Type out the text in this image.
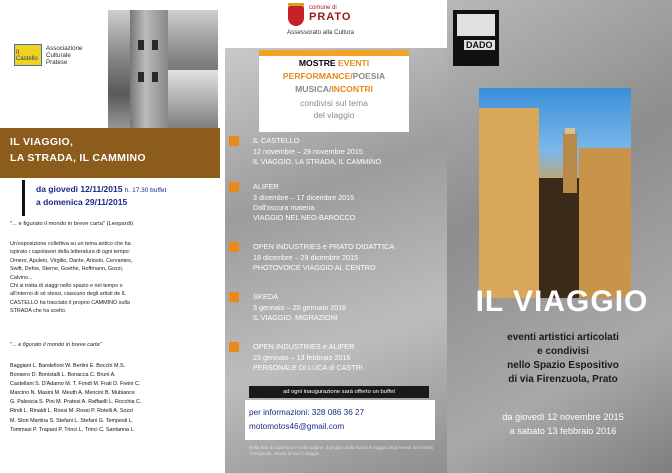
Il Castello
Associazione
Culturale
Pratese
IL VIAGGIO,
LA STRADA, IL CAMMINO
da giovedì 12/11/2015 h. 17.30 buffet
a domenica 29/11/2015
"... e figurato il mondo in breve carta" (Leopardi)
Un'esposizione collettiva su un tema antico che ha
ispirato i capolavori della letteratura di ogni tempo:
Omero, Apuleio, Virgilio, Dante, Ariosto, Cervantes,
Swift, Defoe, Sterne, Goethe, Hoffmann, Gozzi,
Calvino...
Chi si tratta di viaggi nello spazio e nel tempo o
all'interno di sé stessi, ciascuno degli artisti de IL
CASTELLO ha tracciato il proprio CAMMINO sulla
STRADA che ha scelto.
"... e figurato il mondo in breve carta"
Baggiani L. Bandelloni W. Bertini E. Bocchi M.S.
Bonsero D. Bonistalli L. Bonacca C. Bruni A.
Castellani S. D'Adamo M. T. Fondi M. Frati D. Freini C.
Marcino N. Masini M. Meuth A. Mencini B. Mubiance
G. Palescia S. Pini M. Pratesi A. Raffaelli L. Rocchia C.
Rindi L. Rinaldi L. Rossi M. Rossi P. Rotelli A. Sozzi
M. Stori Martina S. Stefani L. Stefani G. Tempesti L.
Tommasi P. Trapani P. Trinci L. Trinci C. Santanna L.
comune di
PRATO
Assessorato alla Cultura
MOSTRE EVENTI
PERFORMANCE/POESIA
MUSICA/INCONTRI
condivisi sul tema
del viaggio
IL CASTELLO
12 novembre – 29 novembre 2015
IL VIAGGIO, LA STRADA, IL CAMMINO
ALIFER
3 dicembre – 17 dicembre 2015
Dall'oscura materia
VIAGGIO NEL NEO-BAROCCO
OPEN INDUSTRIES e PRATO DIDATTICA
18 dicembre – 29 dicembre 2015
PHOTOVOICE VIAGGIO AL CENTRO
SKEDA
3 gennaio – 20 gennaio 2016
IL VIAGGIO, MIGRAZIONI
OPEN INDUSTRIES e ALIFER
23 gennaio – 13 febbraio 2016
PERSONALE DI LUCA di CASTRI
ad ogni inaugurazione sarà offerto un buffet
per informazioni: 328 086 36 27
motomotos46@gmail.com
Nella foto di copertina e nelle pagine, il gruppo della rivista il viaggio degli eventi del vestivi. Torregarde, strada di san il viaggio
DADO
IL VIAGGIO
eventi artistici articolati
e condivisi
nello Spazio Espositivo
di via Firenzuola, Prato
da giovedì 12 novembre 2015
a sabato 13 febbraio 2016
